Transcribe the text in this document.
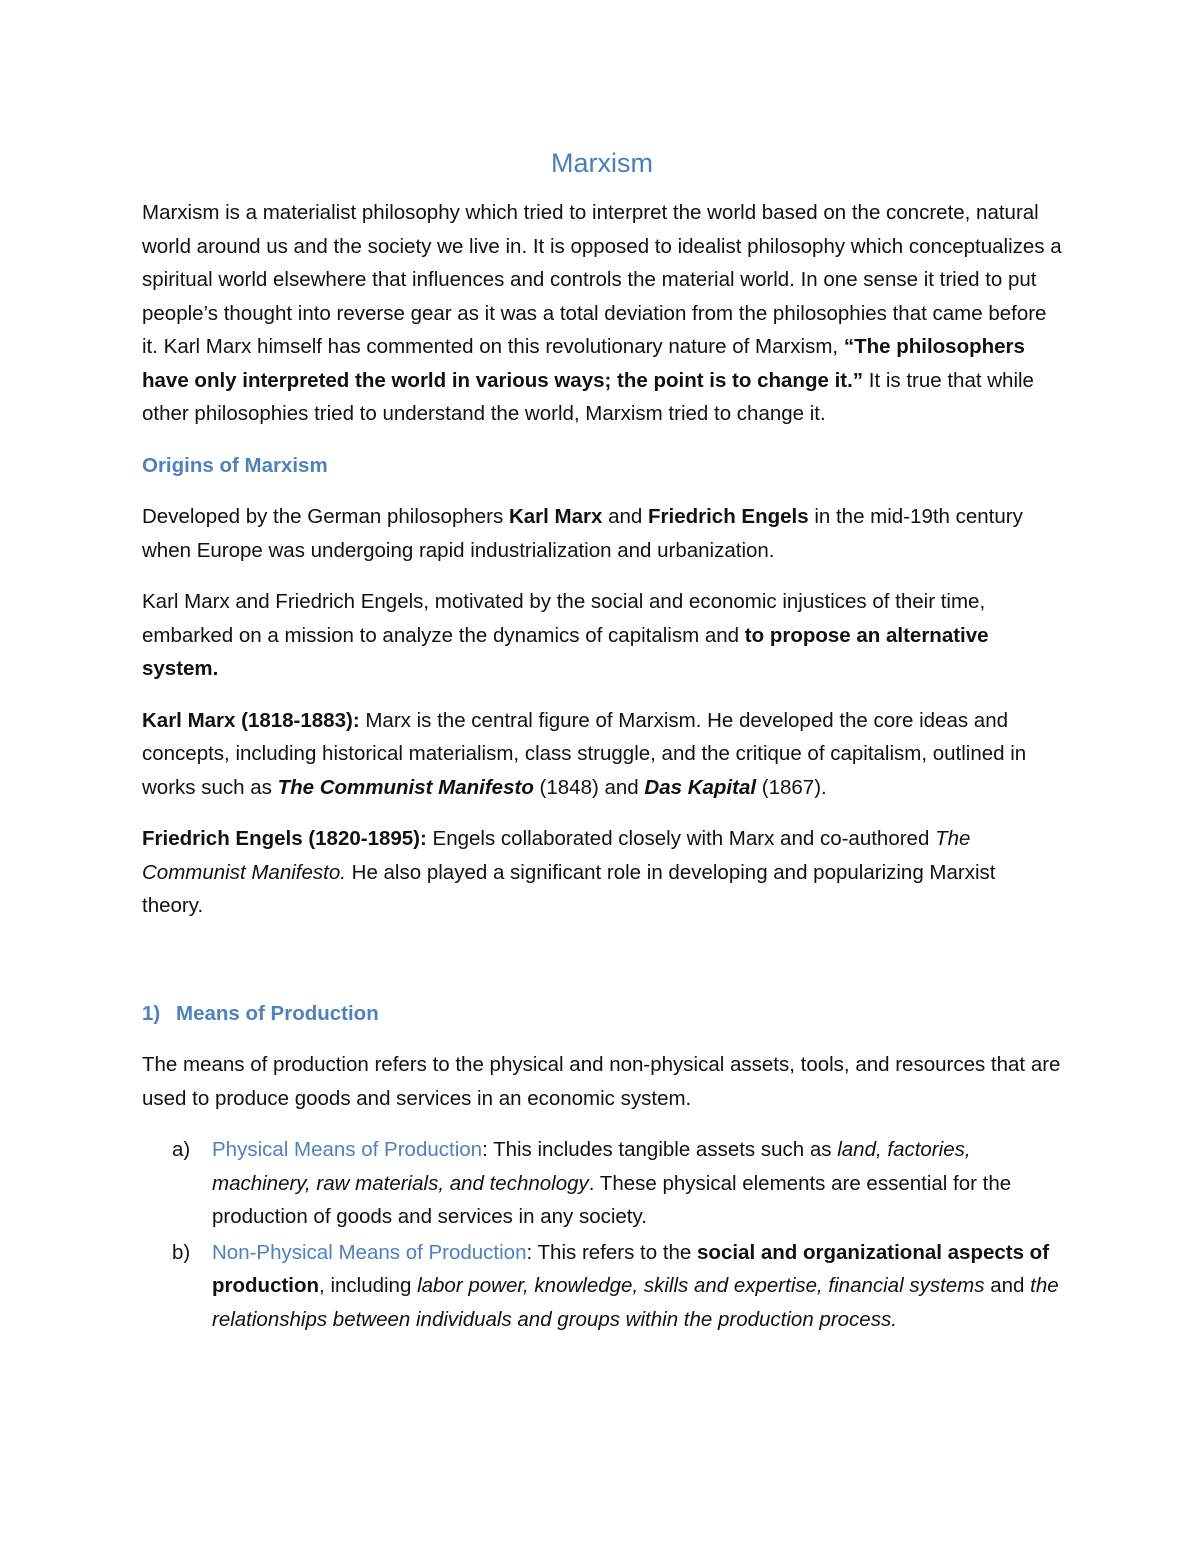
Marxism

Marxism is a materialist philosophy which tried to interpret the world based on the concrete, natural world around us and the society we live in. It is opposed to idealist philosophy which conceptualizes a spiritual world elsewhere that influences and controls the material world. In one sense it tried to put people’s thought into reverse gear as it was a total deviation from the philosophies that came before it. Karl Marx himself has commented on this revolutionary nature of Marxism, “The philosophers have only interpreted the world in various ways; the point is to change it.” It is true that while other philosophies tried to understand the world, Marxism tried to change it.

Origins of Marxism

Developed by the German philosophers Karl Marx and Friedrich Engels in the mid-19th century when Europe was undergoing rapid industrialization and urbanization.

Karl Marx and Friedrich Engels, motivated by the social and economic injustices of their time, embarked on a mission to analyze the dynamics of capitalism and to propose an alternative system.

Karl Marx (1818-1883): Marx is the central figure of Marxism. He developed the core ideas and concepts, including historical materialism, class struggle, and the critique of capitalism, outlined in works such as The Communist Manifesto (1848) and Das Kapital (1867).

Friedrich Engels (1820-1895): Engels collaborated closely with Marx and co-authored The Communist Manifesto. He also played a significant role in developing and popularizing Marxist theory.

1) Means of Production

The means of production refers to the physical and non-physical assets, tools, and resources that are used to produce goods and services in an economic system.

a) Physical Means of Production: This includes tangible assets such as land, factories, machinery, raw materials, and technology. These physical elements are essential for the production of goods and services in any society.
b) Non-Physical Means of Production: This refers to the social and organizational aspects of production, including labor power, knowledge, skills and expertise, financial systems and the relationships between individuals and groups within the production process.
